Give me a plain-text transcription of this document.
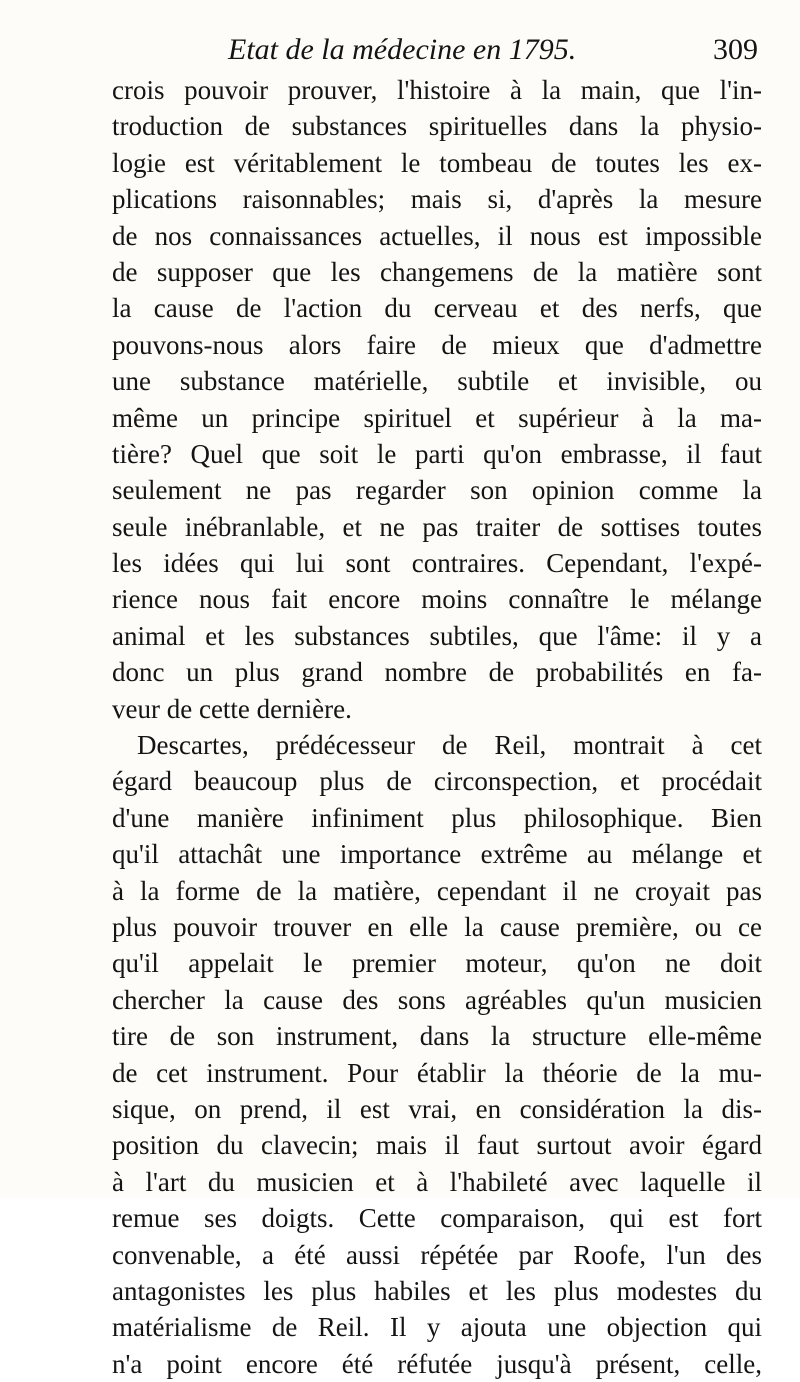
Etat de la médecine en 1795.	309
crois pouvoir prouver, l'histoire à la main, que l'in-
troduction de substances spirituelles dans la physio-
logie est véritablement le tombeau de toutes les ex-
plications raisonnables; mais si, d'après la mesure
de nos connaissances actuelles, il nous est impossible
de supposer que les changemens de la matière sont
la cause de l'action du cerveau et des nerfs, que
pouvons-nous alors faire de mieux que d'admettre
une substance matérielle, subtile et invisible, ou
même un principe spirituel et supérieur à la ma-
tière? Quel que soit le parti qu'on embrasse, il faut
seulement ne pas regarder son opinion comme la
seule inébranlable, et ne pas traiter de sottises toutes
les idées qui lui sont contraires. Cependant, l'expé-
rience nous fait encore moins connaître le mélange
animal et les substances subtiles, que l'âme: il y a
donc un plus grand nombre de probabilités en fa-
veur de cette dernière.
Descartes, prédécesseur de Reil, montrait à cet
égard beaucoup plus de circonspection, et procédait
d'une manière infiniment plus philosophique. Bien
qu'il attachât une importance extrême au mélange et
à la forme de la matière, cependant il ne croyait pas
plus pouvoir trouver en elle la cause première, ou ce
qu'il appelait le premier moteur, qu'on ne doit
chercher la cause des sons agréables qu'un musicien
tire de son instrument, dans la structure elle-même
de cet instrument. Pour établir la théorie de la mu-
sique, on prend, il est vrai, en considération la dis-
position du clavecin; mais il faut surtout avoir égard
à l'art du musicien et à l'habileté avec laquelle il
remue ses doigts. Cette comparaison, qui est fort
convenable, a été aussi répétée par Roofe, l'un des
antagonistes les plus habiles et les plus modestes du
matérialisme de Reil. Il y ajouta une objection qui
n'a point encore été réfutée jusqu'à présent, celle,
